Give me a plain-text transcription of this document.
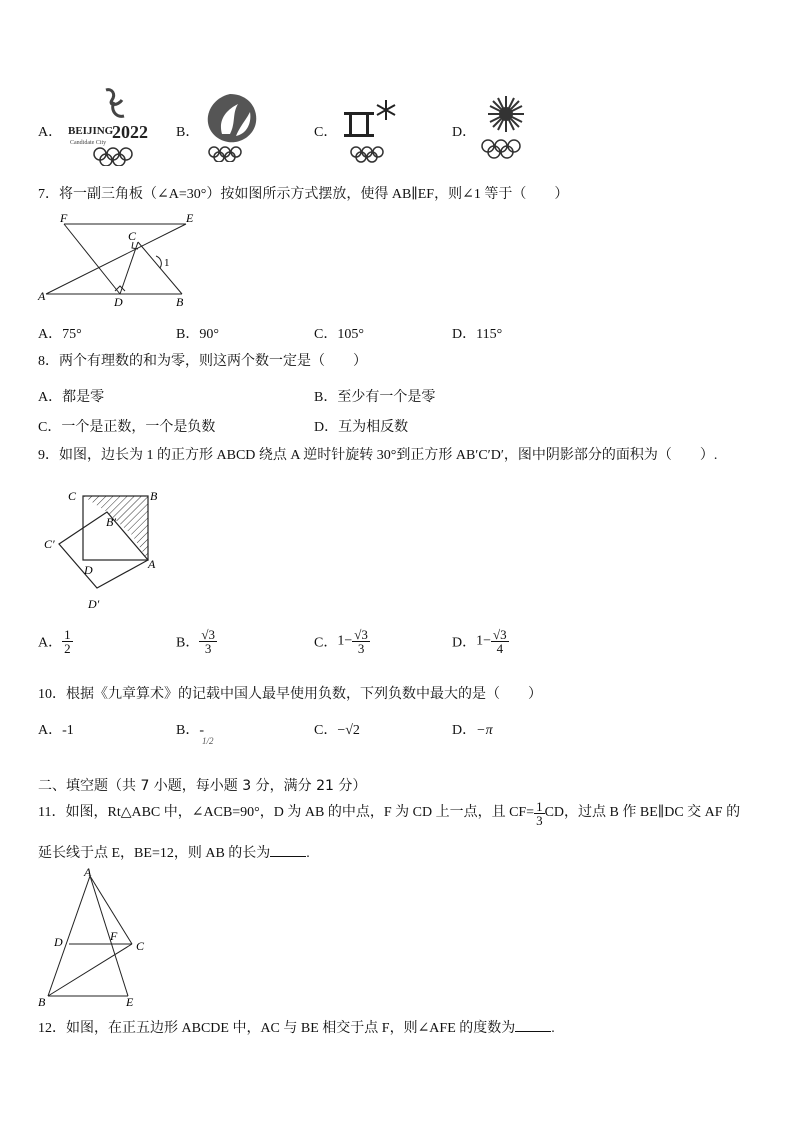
A． BEIJING
2022
Candidate City
B．	C．	D．
7．将一副三角板（∠A=30°）按如图所示方式摆放，使得 AB∥EF，则∠1 等于（　　）
F	E
C
A	D	B
1
A．75°	B．90°	C．105°	D．115°
8．两个有理数的和为零，则这两个数一定是（　　）
A．都是零	B．至少有一个是零
C．一个是正数，一个是负数	D．互为相反数
9．如图，边长为 1 的正方形 ABCD 绕点 A 逆时针旋转 30°到正方形 AB′C′D′，图中阴影部分的面积为（　　）.
C	B
B′
C′
D	A
D′
A． $\frac{1}{2}$	B． $\frac{√3}{3}$	C．$1- \frac{√3}{3}$	D．$1- \frac{√3}{4}$
10．根据《九章算术》的记载中国人最早使用负数，下列负数中最大的是（　　）
A．-1	B．-
1/2
C．−√2	D．−π
二、填空题（共 7 小题，每小题 3 分，满分 21 分）
11．如图，Rt△ABC 中，∠ACB=90°，D 为 AB 的中点，F 为 CD 上一点，且 $CF= \frac{1}{3}$ CD，过点 B 作 BE∥DC 交 AF 的
延长线于点 E，BE=12，则 AB 的长为	.
A
D	F
C
B	E
12．如图，在正五边形 ABCDE 中，AC 与 BE 相交于点 F，则∠AFE 的度数为	.
